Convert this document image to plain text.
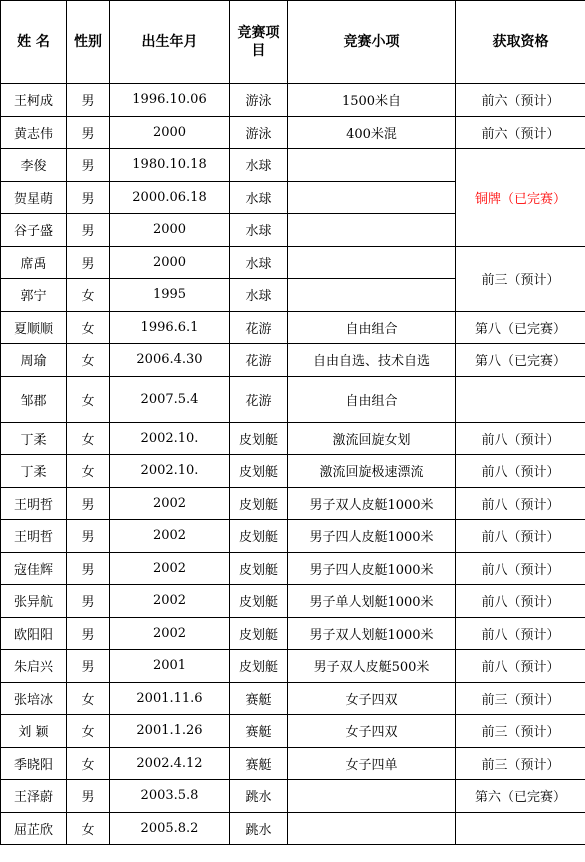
姓 名	性别	出生年月	竞赛项目	竞赛小项	获取资格
王柯成	男	1996.10.06	游泳	1500米自	前六（预计）
黄志伟	男	2000	游泳	400米混	前六（预计）
李俊	男	1980.10.18	水球		铜牌（已完赛）
贺星萌	男	2000.06.18	水球		
谷子盛	男	2000	水球		
席禹	男	2000	水球		前三（预计）
郭宁	女	1995	水球		
夏顺顺	女	1996.6.1	花游	自由组合	第八（已完赛）
周瑜	女	2006.4.30	花游	自由自选、技术自选	第八（已完赛）
邹郡	女	2007.5.4	花游	自由组合	
丁柔	女	2002.10.	皮划艇	激流回旋女划	前八（预计）
丁柔	女	2002.10.	皮划艇	激流回旋极速漂流	前八（预计）
王明哲	男	2002	皮划艇	男子双人皮艇1000米	前八（预计）
王明哲	男	2002	皮划艇	男子四人皮艇1000米	前八（预计）
寇佳辉	男	2002	皮划艇	男子四人皮艇1000米	前八（预计）
张异航	男	2002	皮划艇	男子单人划艇1000米	前八（预计）
欧阳阳	男	2002	皮划艇	男子双人划艇1000米	前八（预计）
朱启兴	男	2001	皮划艇	男子双人皮艇500米	前八（预计）
张培冰	女	2001.11.6	赛艇	女子四双	前三（预计）
刘 颖	女	2001.1.26	赛艇	女子四双	前三（预计）
季晓阳	女	2002.4.12	赛艇	女子四单	前三（预计）
王泽蔚	男	2003.5.8	跳水		第六（已完赛）
屈芷欣	女	2005.8.2	跳水		
